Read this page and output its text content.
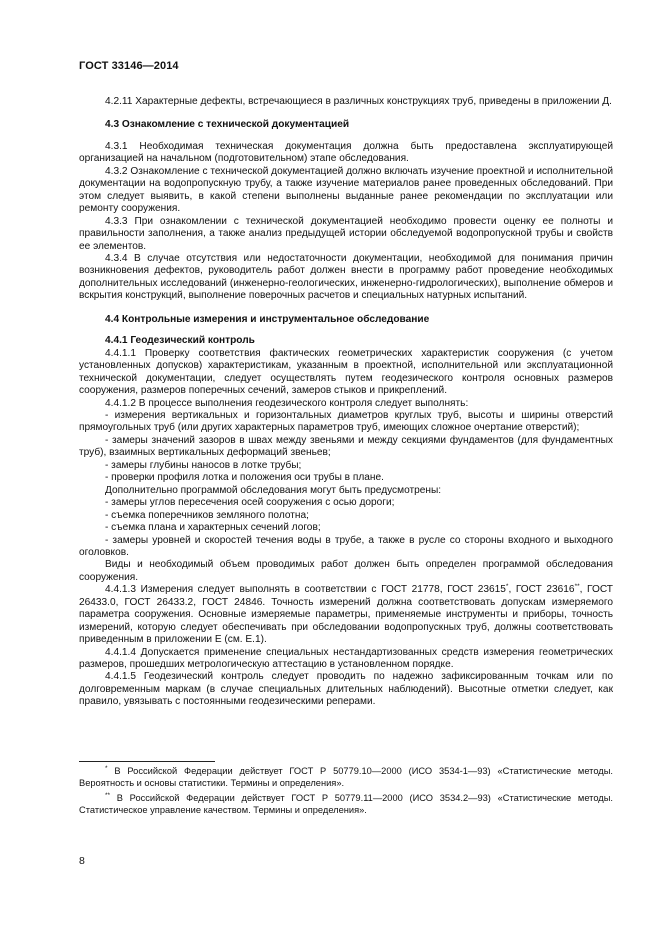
ГОСТ 33146—2014

4.2.11 Характерные дефекты, встречающиеся в различных конструкциях труб, приведены в приложении Д.

4.3 Ознакомление с технической документацией

4.3.1 Необходимая техническая документация должна быть предоставлена эксплуатирующей организацией на начальном (подготовительном) этапе обследования.

4.3.2 Ознакомление с технической документацией должно включать изучение проектной и исполнительной документации на водопропускную трубу, а также изучение материалов ранее проведенных обследований. При этом следует выявить, в какой степени выполнены выданные ранее рекомендации по эксплуатации или ремонту сооружения.

4.3.3 При ознакомлении с технической документацией необходимо провести оценку ее полноты и правильности заполнения, а также анализ предыдущей истории обследуемой водопропускной трубы и свойств ее элементов.

4.3.4 В случае отсутствия или недостаточности документации, необходимой для понимания причин возникновения дефектов, руководитель работ должен внести в программу работ проведение необходимых дополнительных исследований (инженерно-геологических, инженерно-гидрологических), выполнение обмеров и вскрытия конструкций, выполнение поверочных расчетов и специальных натурных испытаний.

4.4 Контрольные измерения и инструментальное обследование
4.4.1 Геодезический контроль

4.4.1.1 Проверку соответствия фактических геометрических характеристик сооружения (с учетом установленных допусков) характеристикам, указанным в проектной, исполнительной или эксплуатационной технической документации, следует осуществлять путем геодезического контроля основных размеров сооружения, размеров поперечных сечений, замеров стыков и прикреплений.

4.4.1.2 В процессе выполнения геодезического контроля следует выполнять:

- измерения вертикальных и горизонтальных диаметров круглых труб, высоты и ширины отверстий прямоугольных труб (или других характерных параметров труб, имеющих сложное очертание отверстий);

- замеры значений зазоров в швах между звеньями и между секциями фундаментов (для фундаментных труб), взаимных вертикальных деформаций звеньев;

- замеры глубины наносов в лотке трубы;

- проверки профиля лотка и положения оси трубы в плане.

Дополнительно программой обследования могут быть предусмотрены:

- замеры углов пересечения осей сооружения с осью дороги;

- съемка поперечников земляного полотна;

- съемка плана и характерных сечений логов;

- замеры уровней и скоростей течения воды в трубе, а также в русле со стороны входного и выходного оголовков.

Виды и необходимый объем проводимых работ должен быть определен программой обследования сооружения.

4.4.1.3 Измерения следует выполнять в соответствии с ГОСТ 21778, ГОСТ 23615*, ГОСТ 23616**, ГОСТ 26433.0, ГОСТ 26433.2, ГОСТ 24846. Точность измерений должна соответствовать допускам измеряемого параметра сооружения. Основные измеряемые параметры, применяемые инструменты и приборы, точность измерений, которую следует обеспечивать при обследовании водопропускных труб, должны соответствовать приведенным в приложении Е (см. Е.1).

4.4.1.4 Допускается применение специальных нестандартизованных средств измерения геометрических размеров, прошедших метрологическую аттестацию в установленном порядке.

4.4.1.5 Геодезический контроль следует проводить по надежно зафиксированным точкам или по долговременным маркам (в случае специальных длительных наблюдений). Высотные отметки следует, как правило, увязывать с постоянными геодезическими реперами.

* В Российской Федерации действует ГОСТ Р 50779.10—2000 (ИСО 3534-1—93) «Статистические методы. Вероятность и основы статистики. Термины и определения».

** В Российской Федерации действует ГОСТ Р 50779.11—2000 (ИСО 3534.2—93) «Статистические методы. Статистическое управление качеством. Термины и определения».

8
